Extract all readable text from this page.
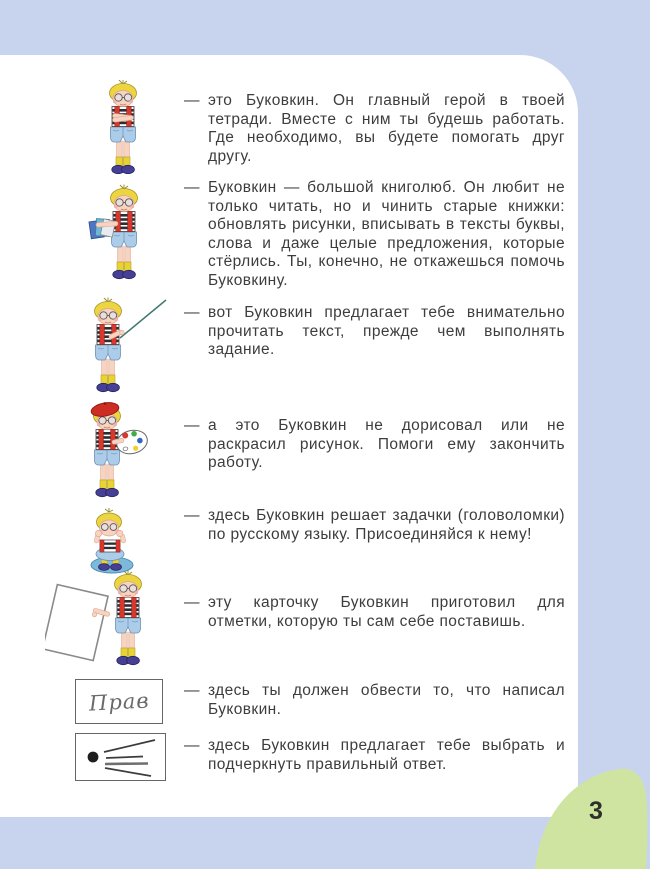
Прав
— это Буковкин. Он главный герой в твоей тетради. Вместе с ним ты будешь работать. Где необходимо, вы будете помогать друг другу.
— Буковкин — большой книголюб. Он любит не только читать, но и чинить старые книжки: обновлять рисунки, вписывать в тексты буквы, слова и даже целые предложения, которые стёрлись. Ты, конечно, не откажешься помочь Буковкину.
— вот Буковкин предлагает тебе внимательно прочитать текст, прежде чем выполнять задание.
— а это Буковкин не дорисовал или не раскрасил рисунок. Помоги ему закончить работу.
— здесь Буковкин решает задачки (головоломки) по русскому языку. Присоединяйся к нему!
— эту карточку Буковкин приготовил для отметки, которую ты сам себе поставишь.
— здесь ты должен обвести то, что написал Буковкин.
— здесь Буковкин предлагает тебе выбрать и подчеркнуть правильный ответ.
3
